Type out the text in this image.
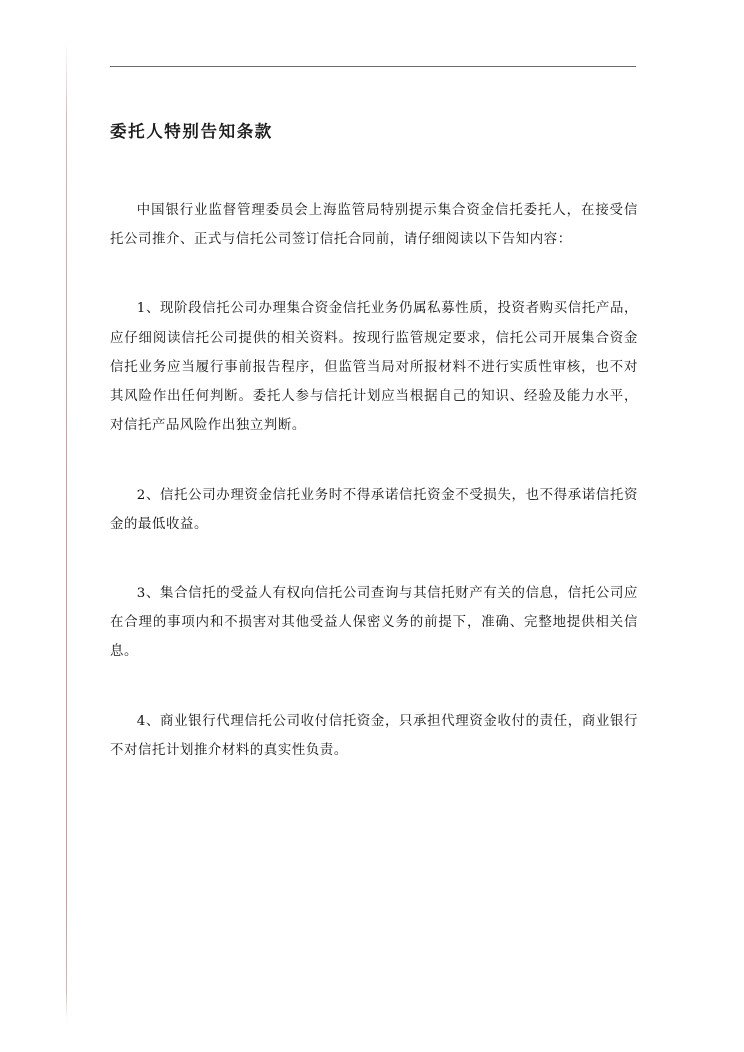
委托人特别告知条款

中国银行业监督管理委员会上海监管局特别提示集合资金信托委托人，在接受信托公司推介、正式与信托公司签订信托合同前，请仔细阅读以下告知内容：

1、现阶段信托公司办理集合资金信托业务仍属私募性质，投资者购买信托产品，应仔细阅读信托公司提供的相关资料。按现行监管规定要求，信托公司开展集合资金信托业务应当履行事前报告程序，但监管当局对所报材料不进行实质性审核，也不对其风险作出任何判断。委托人参与信托计划应当根据自己的知识、经验及能力水平，对信托产品风险作出独立判断。

2、信托公司办理资金信托业务时不得承诺信托资金不受损失，也不得承诺信托资金的最低收益。

3、集合信托的受益人有权向信托公司查询与其信托财产有关的信息，信托公司应在合理的事项内和不损害对其他受益人保密义务的前提下，准确、完整地提供相关信息。

4、商业银行代理信托公司收付信托资金，只承担代理资金收付的责任，商业银行不对信托计划推介材料的真实性负责。
